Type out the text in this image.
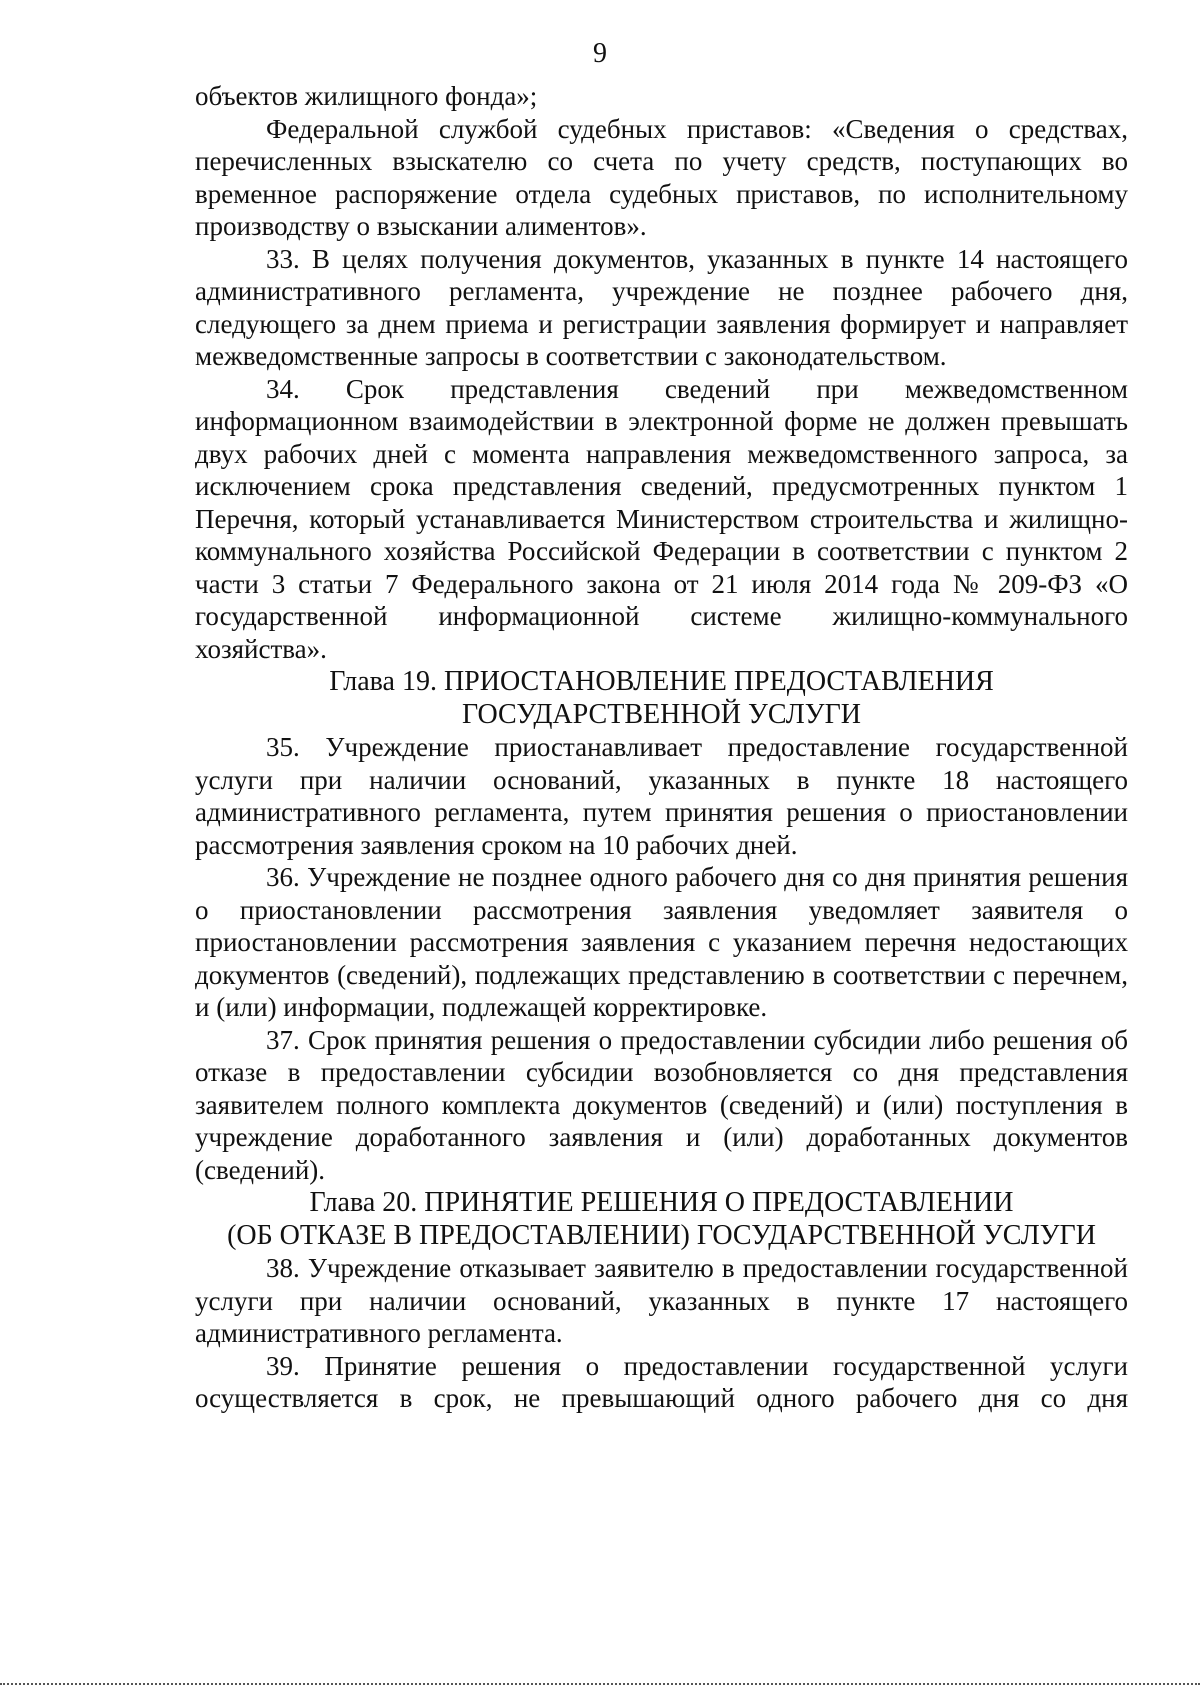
9

объектов жилищного фонда»;

Федеральной службой судебных приставов: «Сведения о средствах, перечисленных взыскателю со счета по учету средств, поступающих во временное распоряжение отдела судебных приставов, по исполнительному производству о взыскании алиментов».

33. В целях получения документов, указанных в пункте 14 настоящего административного регламента, учреждение не позднее рабочего дня, следующего за днем приема и регистрации заявления формирует и направляет межведомственные запросы в соответствии с законодательством.

34. Срок представления сведений при межведомственном информационном взаимодействии в электронной форме не должен превышать двух рабочих дней с момента направления межведомственного запроса, за исключением срока представления сведений, предусмотренных пунктом 1 Перечня, который устанавливается Министерством строительства и жилищно-коммунального хозяйства Российской Федерации в соответствии с пунктом 2 части 3 статьи 7 Федерального закона от 21 июля 2014 года № 209-ФЗ «О государственной информационной системе жилищно-коммунального хозяйства».

Глава 19. ПРИОСТАНОВЛЕНИЕ ПРЕДОСТАВЛЕНИЯ
ГОСУДАРСТВЕННОЙ УСЛУГИ

35. Учреждение приостанавливает предоставление государственной услуги при наличии оснований, указанных в пункте 18 настоящего административного регламента, путем принятия решения о приостановлении рассмотрения заявления сроком на 10 рабочих дней.

36. Учреждение не позднее одного рабочего дня со дня принятия решения о приостановлении рассмотрения заявления уведомляет заявителя о приостановлении рассмотрения заявления с указанием перечня недостающих документов (сведений), подлежащих представлению в соответствии с перечнем, и (или) информации, подлежащей корректировке.

37. Срок принятия решения о предоставлении субсидии либо решения об отказе в предоставлении субсидии возобновляется со дня представления заявителем полного комплекта документов (сведений) и (или) поступления в учреждение доработанного заявления и (или) доработанных документов (сведений).

Глава 20. ПРИНЯТИЕ РЕШЕНИЯ О ПРЕДОСТАВЛЕНИИ
(ОБ ОТКАЗЕ В ПРЕДОСТАВЛЕНИИ) ГОСУДАРСТВЕННОЙ УСЛУГИ

38. Учреждение отказывает заявителю в предоставлении государственной услуги при наличии оснований, указанных в пункте 17 настоящего административного регламента.

39. Принятие решения о предоставлении государственной услуги осуществляется в срок, не превышающий одного рабочего дня со дня
